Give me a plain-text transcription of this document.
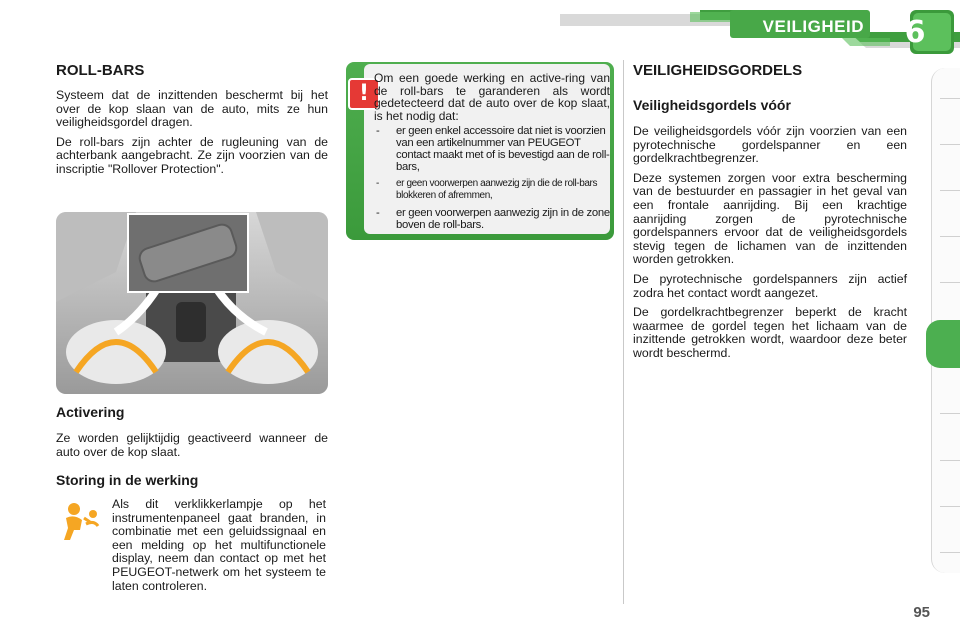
VEILIGHEID	6
ROLL-BARS

Systeem dat de inzittenden beschermt bij het over de kop slaan van de auto, mits ze hun veiligheidsgordel dragen.

De roll-bars zijn achter de rugleuning van de achterbank aangebracht. Ze zijn voorzien van de inscriptie "Rollover Protection".

Activering

Ze worden gelijktijdig geactiveerd wanneer de auto over de kop slaat.

Storing in de werking

Als dit verklikkerlampje op het instrumentenpaneel gaat branden, in combinatie met een geluidssignaal en een melding op het multifunctionele display, neem dan contact op met het PEUGEOT-netwerk om het systeem te laten controleren.

!

Om een goede werking en active-ring van de roll-bars te garanderen als wordt gedetecteerd dat de auto over de kop slaat, is het nodig dat:

- er geen enkel accessoire dat niet is voorzien van een artikelnummer van PEUGEOT contact maakt met of is bevestigd aan de roll-bars,
- er geen voorwerpen aanwezig zijn die de roll-bars blokkeren of afremmen,
- er geen voorwerpen aanwezig zijn in de zone boven de roll-bars.
VEILIGHEIDSGORDELS
Veiligheidsgordels vóór

De veiligheidsgordels vóór zijn voorzien van een pyrotechnische gordelspanner en een gordelkrachtbegrenzer.

Deze systemen zorgen voor extra bescherming van de bestuurder en passagier in het geval van een frontale aanrijding. Bij een krachtige aanrijding zorgen de pyrotechnische gordelspanners ervoor dat de veiligheidsgordels stevig tegen de lichamen van de inzittenden worden getrokken.

De pyrotechnische gordelspanners zijn actief zodra het contact wordt aangezet.

De gordelkrachtbegrenzer beperkt de kracht waarmee de gordel tegen het lichaam van de inzittende getrokken wordt, waardoor deze beter wordt beschermd.

95
